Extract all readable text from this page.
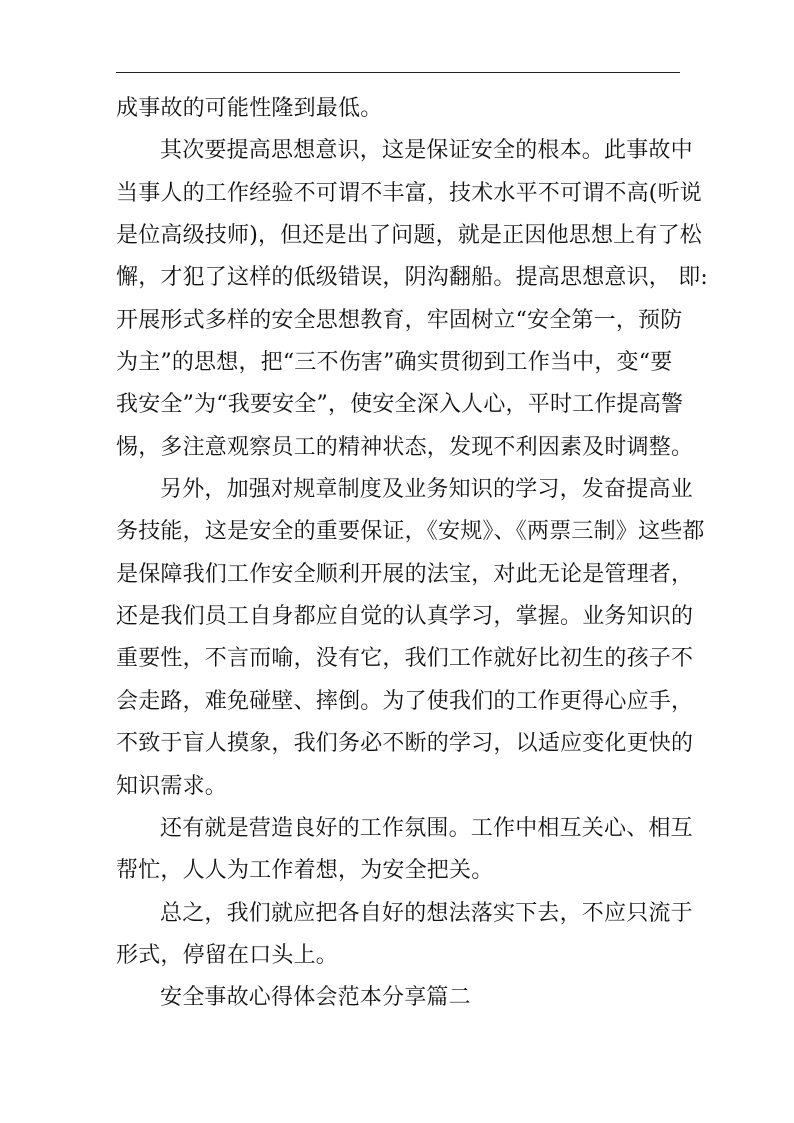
成事故的可能性隆到最低。
其次要提高思想意识，这是保证安全的根本。此事故中
当事人的工作经验不可谓不丰富，技术水平不可谓不高(听说
是位高级技师)，但还是出了问题，就是正因他思想上有了松
懈，才犯了这样的低级错误，阴沟翻船。提高思想意识， 即:
开展形式多样的安全思想教育，牢固树立“安全第一，预防
为主”的思想，把“三不伤害”确实贯彻到工作当中，变“要
我安全”为“我要安全”，使安全深入人心，平时工作提高警
惕，多注意观察员工的精神状态，发现不利因素及时调整。
另外，加强对规章制度及业务知识的学习，发奋提高业
务技能，这是安全的重要保证，《安规》、《两票三制》这些都
是保障我们工作安全顺利开展的法宝，对此无论是管理者，
还是我们员工自身都应自觉的认真学习，掌握。业务知识的
重要性，不言而喻，没有它，我们工作就好比初生的孩子不
会走路，难免碰壁、摔倒。为了使我们的工作更得心应手，
不致于盲人摸象，我们务必不断的学习，以适应变化更快的
知识需求。
还有就是营造良好的工作氛围。工作中相互关心、相互
帮忙，人人为工作着想，为安全把关。
总之，我们就应把各自好的想法落实下去，不应只流于
形式，停留在口头上。
安全事故心得体会范本分享篇二
